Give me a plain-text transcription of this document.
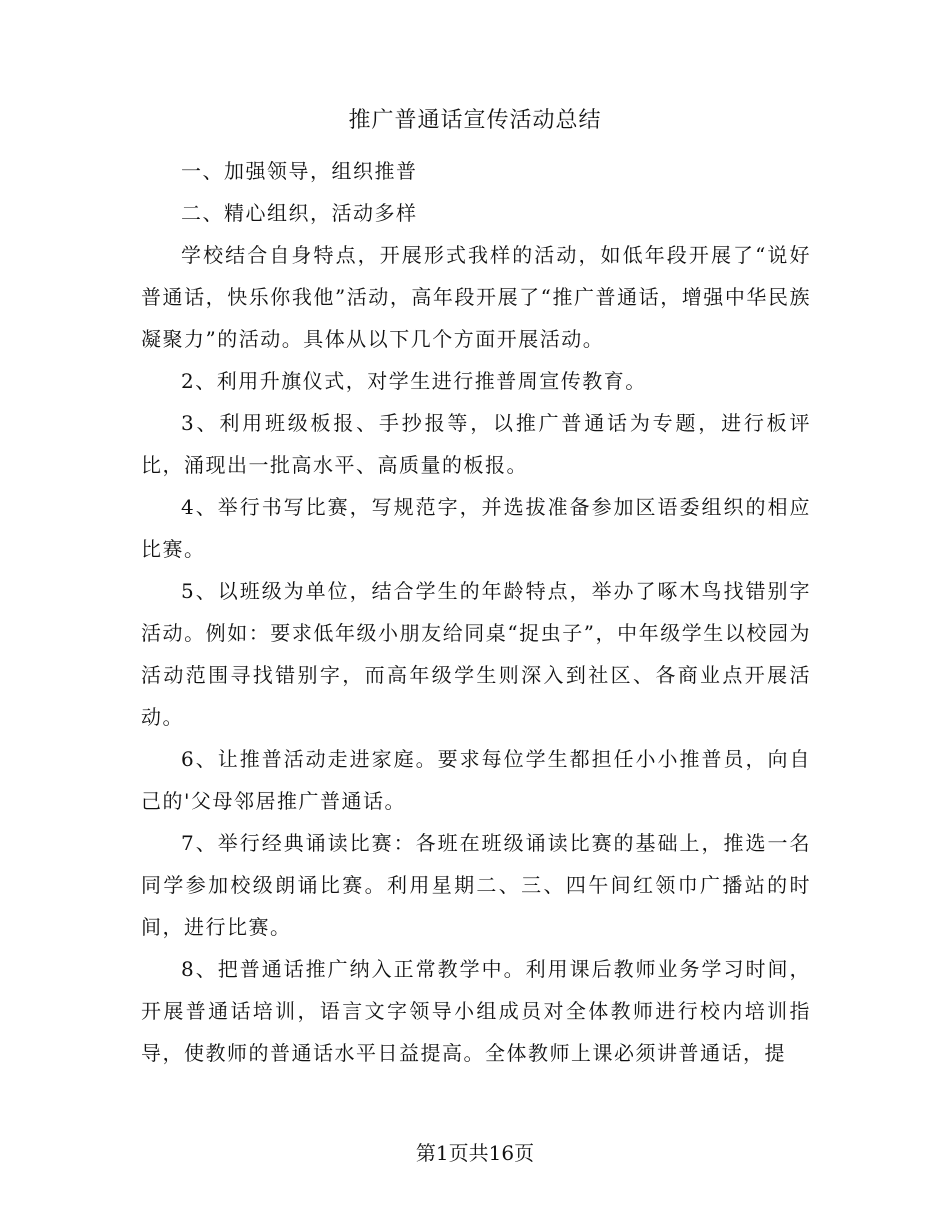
推广普通话宣传活动总结

一、加强领导，组织推普

二、精心组织，活动多样

学校结合自身特点，开展形式我样的活动，如低年段开展了“说好普通话，快乐你我他”活动，高年段开展了“推广普通话，增强中华民族凝聚力”的活动。具体从以下几个方面开展活动。

2、利用升旗仪式，对学生进行推普周宣传教育。

3、利用班级板报、手抄报等，以推广普通话为专题，进行板评比，涌现出一批高水平、高质量的板报。

4、举行书写比赛，写规范字，并选拔准备参加区语委组织的相应比赛。

5、以班级为单位，结合学生的年龄特点，举办了啄木鸟找错别字活动。例如：要求低年级小朋友给同桌“捉虫子”，中年级学生以校园为活动范围寻找错别字，而高年级学生则深入到社区、各商业点开展活动。

6、让推普活动走进家庭。要求每位学生都担任小小推普员，向自己的'父母邻居推广普通话。

7、举行经典诵读比赛：各班在班级诵读比赛的基础上，推选一名同学参加校级朗诵比赛。利用星期二、三、四午间红领巾广播站的时间，进行比赛。

8、把普通话推广纳入正常教学中。利用课后教师业务学习时间，开展普通话培训，语言文字领导小组成员对全体教师进行校内培训指导，使教师的普通话水平日益提高。全体教师上课必须讲普通话，提

第1页共16页
